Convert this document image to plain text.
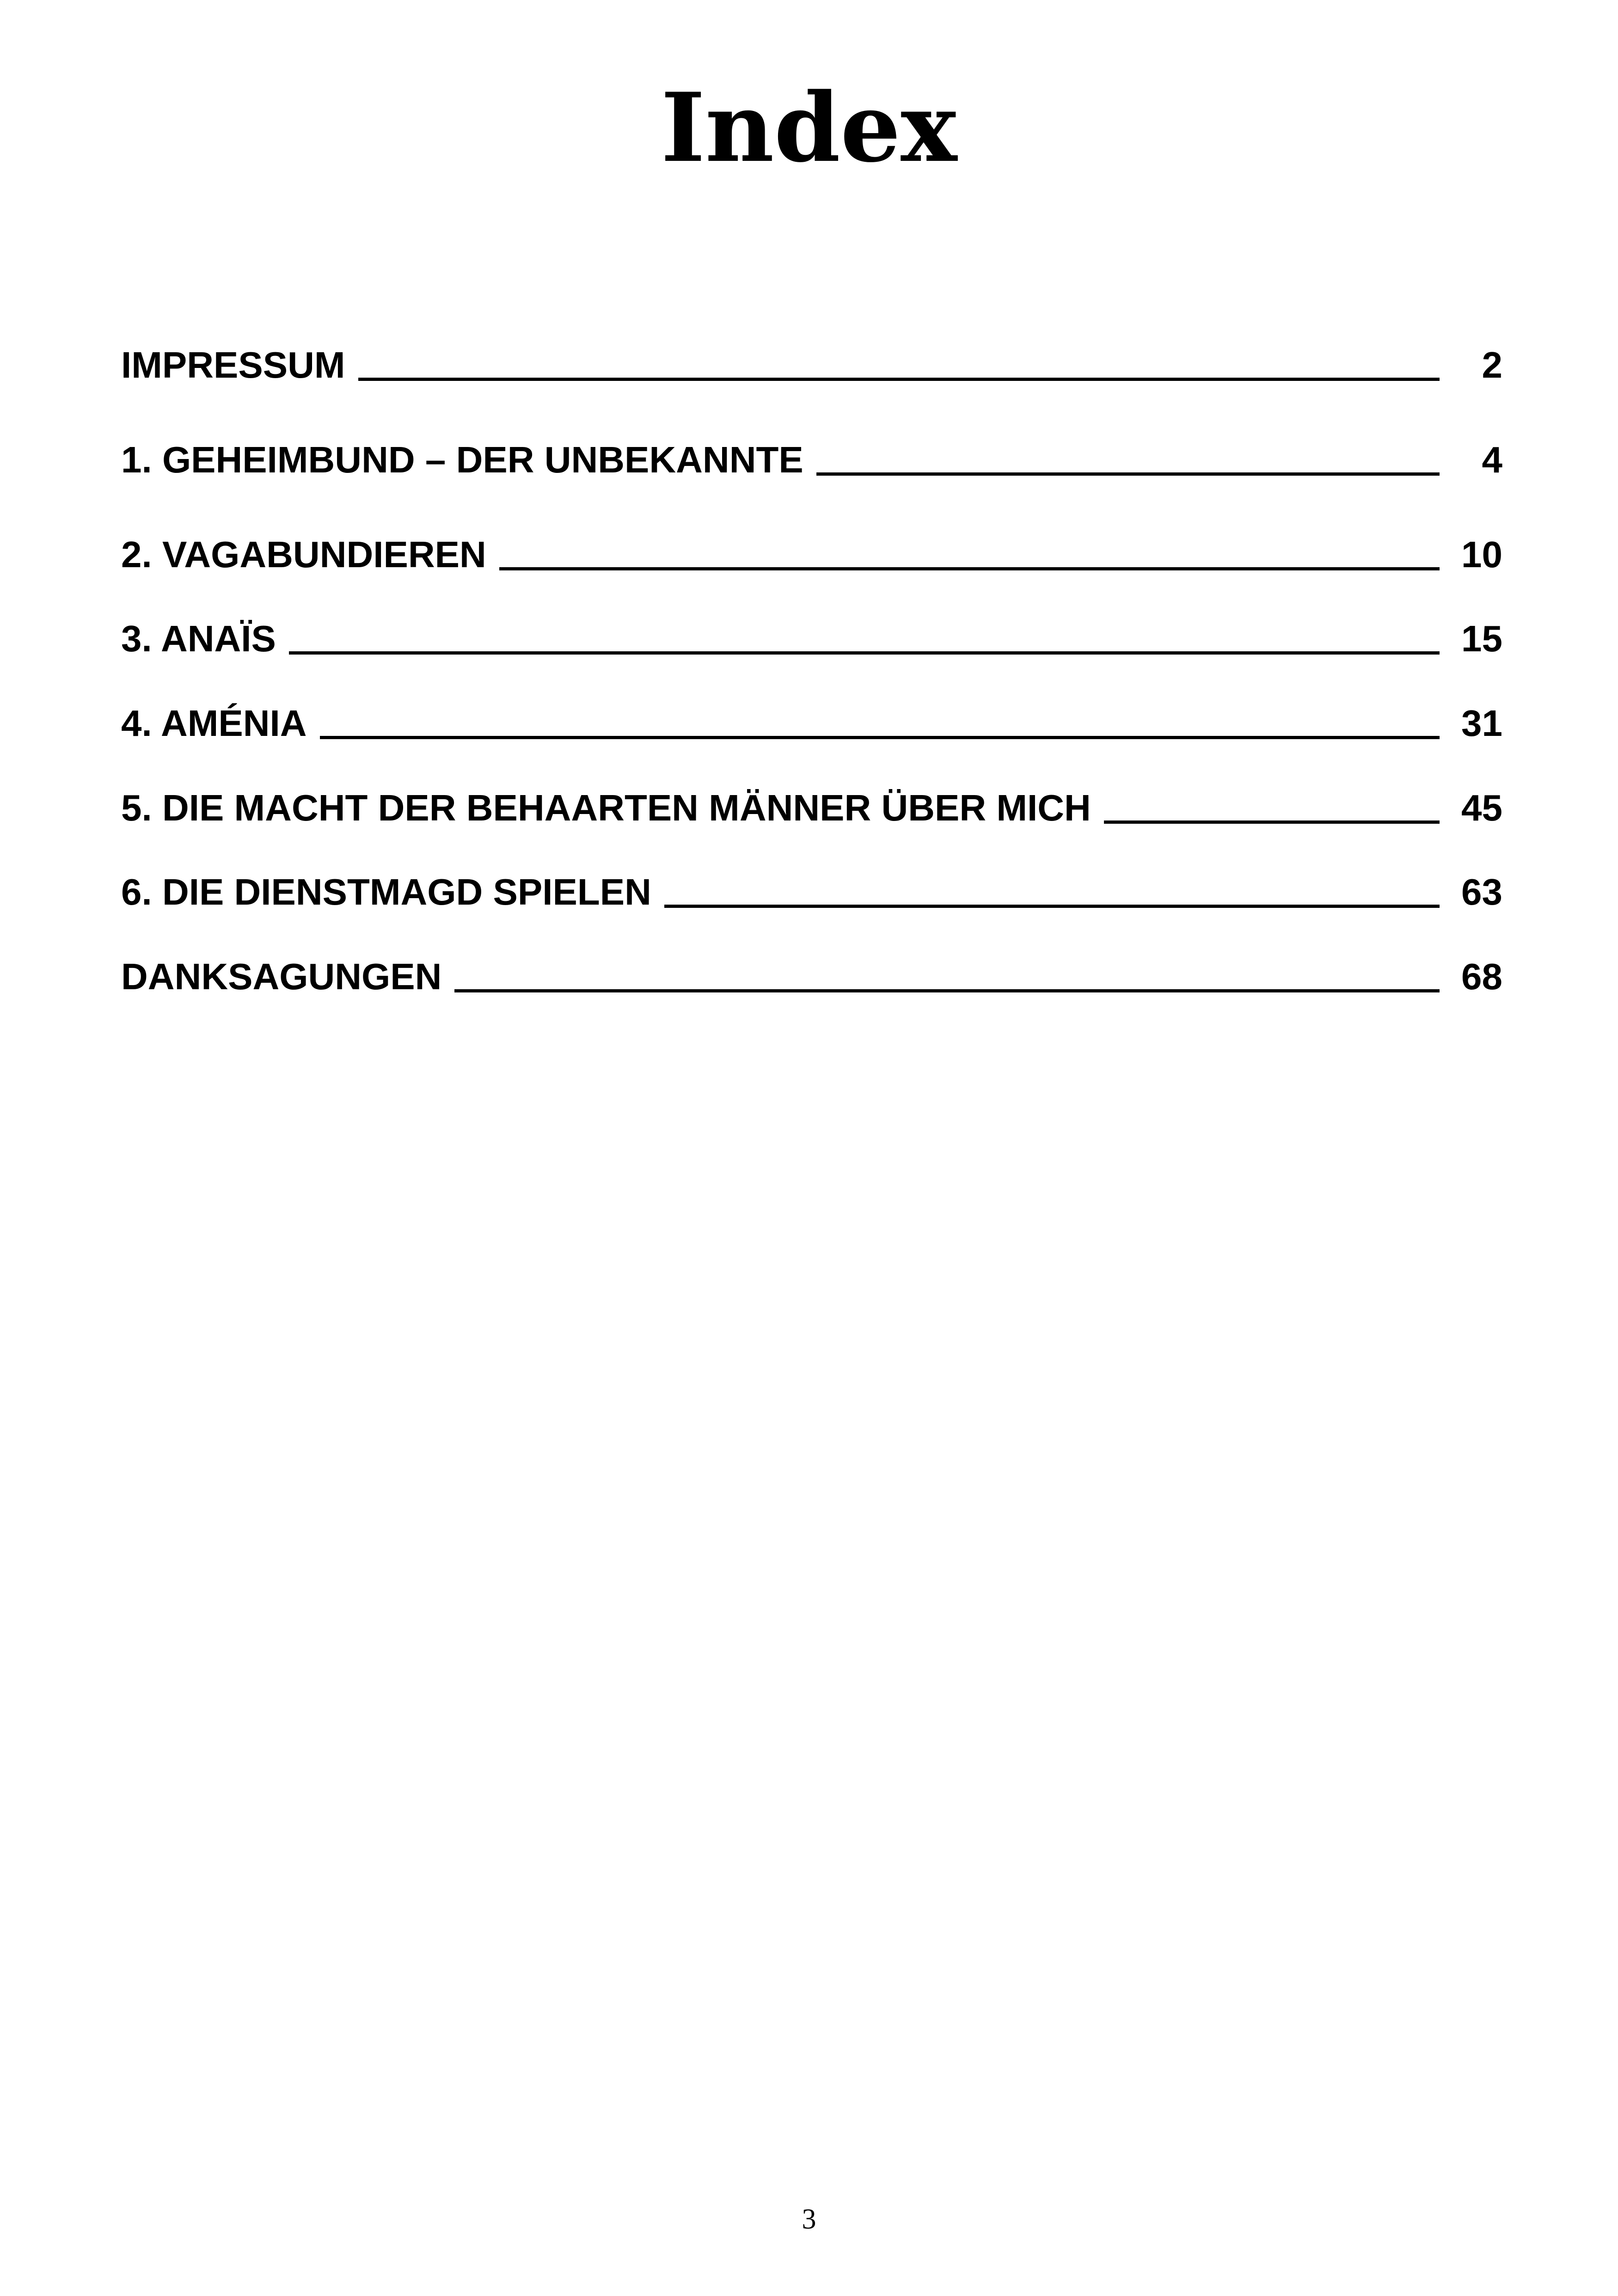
Index
IMPRESSUM	2
1. GEHEIMBUND – DER UNBEKANNTE	4
2. VAGABUNDIEREN	10
3. ANAÏS	15
4. AMÉNIA	31
5. DIE MACHT DER BEHAARTEN MÄNNER ÜBER MICH	45
6. DIE DIENSTMAGD SPIELEN	63
DANKSAGUNGEN	68
3
